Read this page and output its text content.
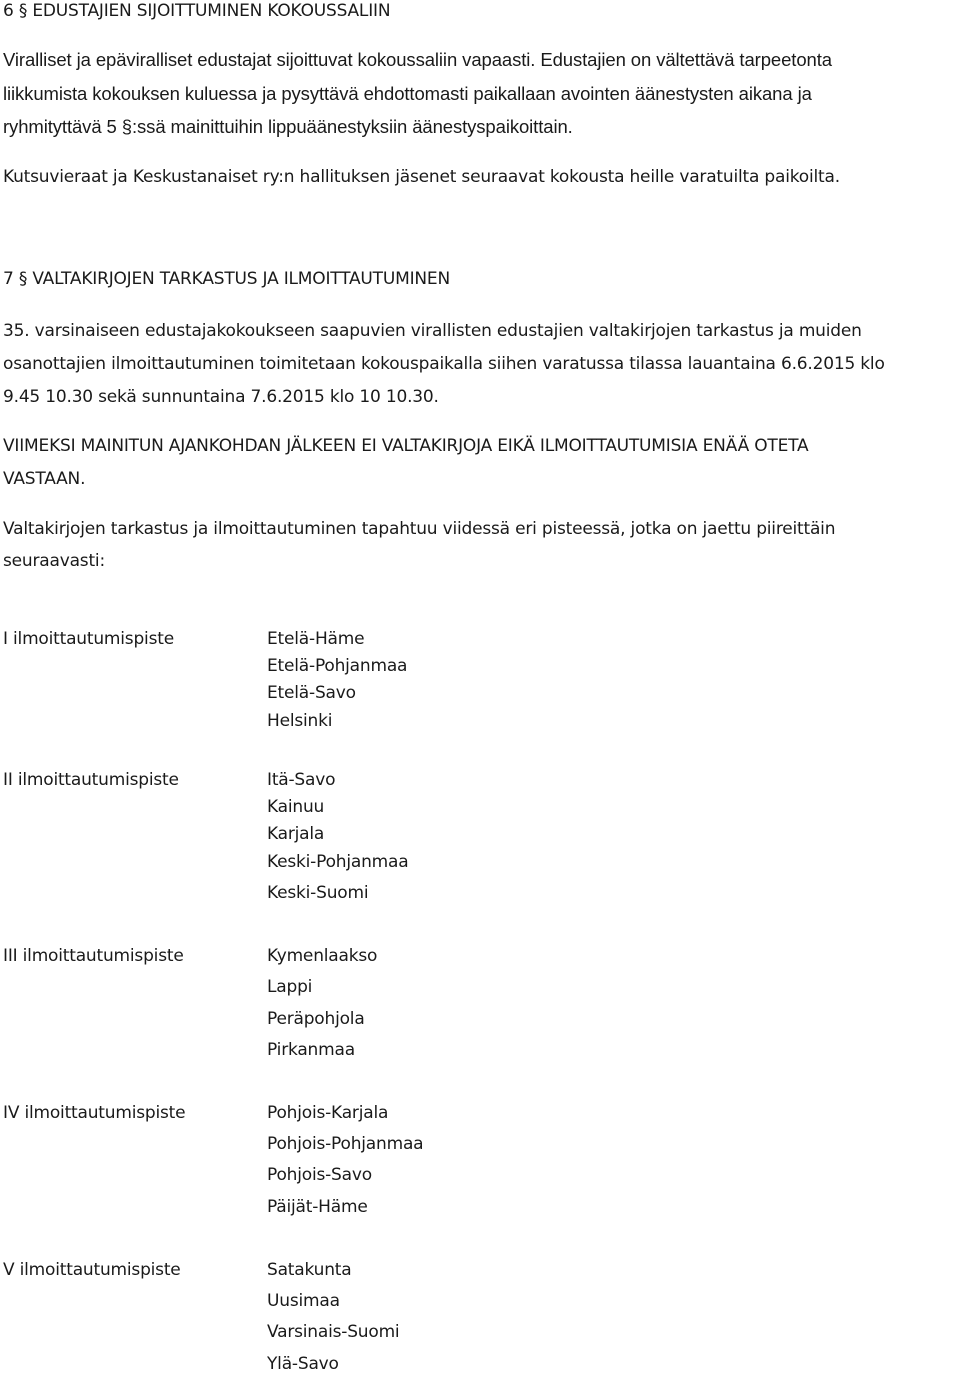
6 § EDUSTAJIEN SIJOITTUMINEN KOKOUSSALIIN
Viralliset ja epäviralliset edustajat sijoittuvat kokoussaliin vapaasti. Edustajien on vältettävä tarpeetonta
liikkumista kokouksen kuluessa ja pysyttävä ehdottomasti paikallaan avointen äänestysten aikana ja
ryhmityttävä 5 §:ssä mainittuihin lippuäänestyksiin äänestyspaikoittain.
Kutsuvieraat ja Keskustanaiset ry:n hallituksen jäsenet seuraavat kokousta heille varatuilta paikoilta.
7 § VALTAKIRJOJEN TARKASTUS JA ILMOITTAUTUMINEN
35. varsinaiseen edustajakokoukseen saapuvien virallisten edustajien valtakirjojen tarkastus ja muiden
osanottajien ilmoittautuminen toimitetaan kokouspaikalla siihen varatussa tilassa lauantaina 6.6.2015 klo
9.45 10.30 sekä sunnuntaina 7.6.2015 klo 10 10.30.
VIIMEKSI MAINITUN AJANKOHDAN JÄLKEEN EI VALTAKIRJOJA EIKÄ ILMOITTAUTUMISIA ENÄÄ OTETA
VASTAAN.
Valtakirjojen tarkastus ja ilmoittautuminen tapahtuu viidessä eri pisteessä, jotka on jaettu piireittäin
seuraavasti:
I ilmoittautumispiste	Etelä-Häme
Etelä-Pohjanmaa
Etelä-Savo
Helsinki
II ilmoittautumispiste	Itä-Savo
Kainuu
Karjala
Keski-Pohjanmaa
Keski-Suomi
III ilmoittautumispiste	Kymenlaakso
Lappi
Peräpohjola
Pirkanmaa
IV ilmoittautumispiste	Pohjois-Karjala
Pohjois-Pohjanmaa
Pohjois-Savo
Päijät-Häme
V ilmoittautumispiste	Satakunta
Uusimaa
Varsinais-Suomi
Ylä-Savo
